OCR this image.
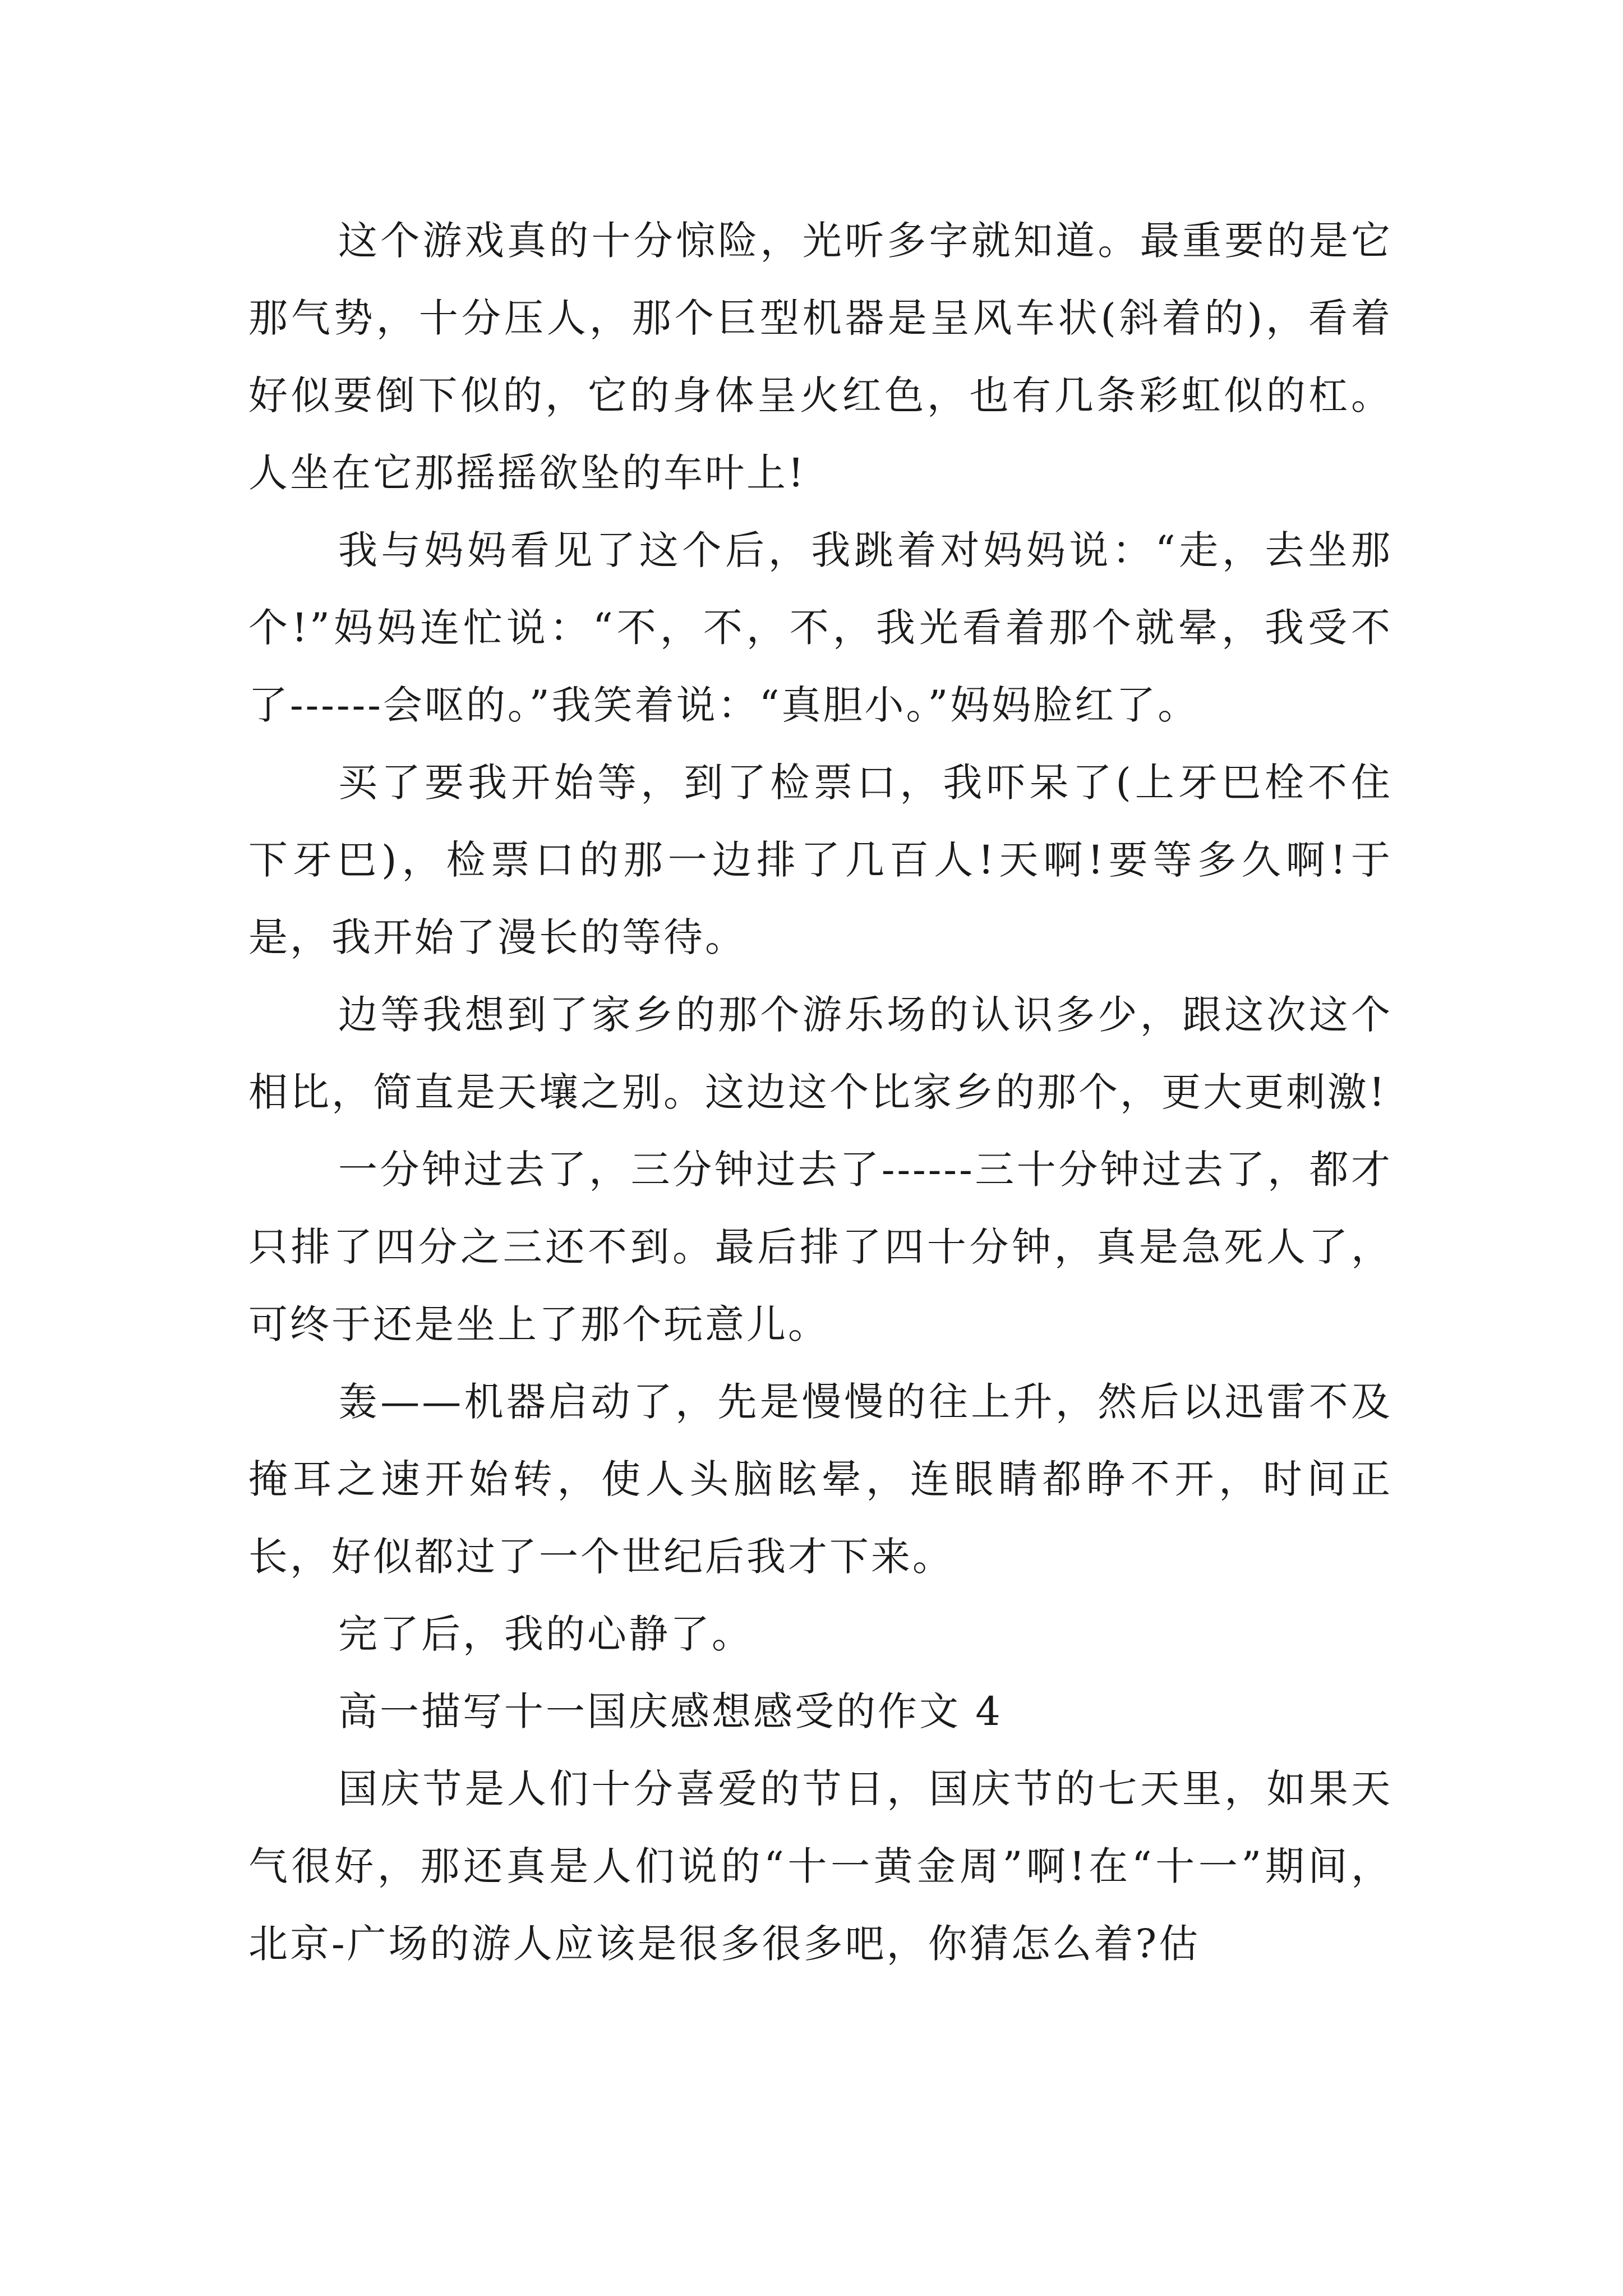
这个游戏真的十分惊险，光听多字就知道。最重要的是它那气势，十分压人，那个巨型机器是呈风车状(斜着的)，看着好似要倒下似的，它的身体呈火红色，也有几条彩虹似的杠。人坐在它那摇摇欲坠的车叶上!

我与妈妈看见了这个后，我跳着对妈妈说：“走，去坐那个!”妈妈连忙说：“不，不，不，我光看着那个就晕，我受不了------会呕的。”我笑着说：“真胆小。”妈妈脸红了。

买了要我开始等，到了检票口，我吓呆了(上牙巴栓不住下牙巴)，检票口的那一边排了几百人!天啊!要等多久啊!于是，我开始了漫长的等待。

边等我想到了家乡的那个游乐场的认识多少，跟这次这个相比，简直是天壤之别。这边这个比家乡的那个，更大更刺激!

一分钟过去了，三分钟过去了------三十分钟过去了，都才只排了四分之三还不到。最后排了四十分钟，真是急死人了，可终于还是坐上了那个玩意儿。

轰——机器启动了，先是慢慢的往上升，然后以迅雷不及掩耳之速开始转，使人头脑眩晕，连眼睛都睁不开，时间正长，好似都过了一个世纪后我才下来。

完了后，我的心静了。

高一描写十一国庆感想感受的作文 4

国庆节是人们十分喜爱的节日，国庆节的七天里，如果天气很好，那还真是人们说的“十一黄金周”啊!在“十一”期间，北京-广场的游人应该是很多很多吧，你猜怎么着?估
